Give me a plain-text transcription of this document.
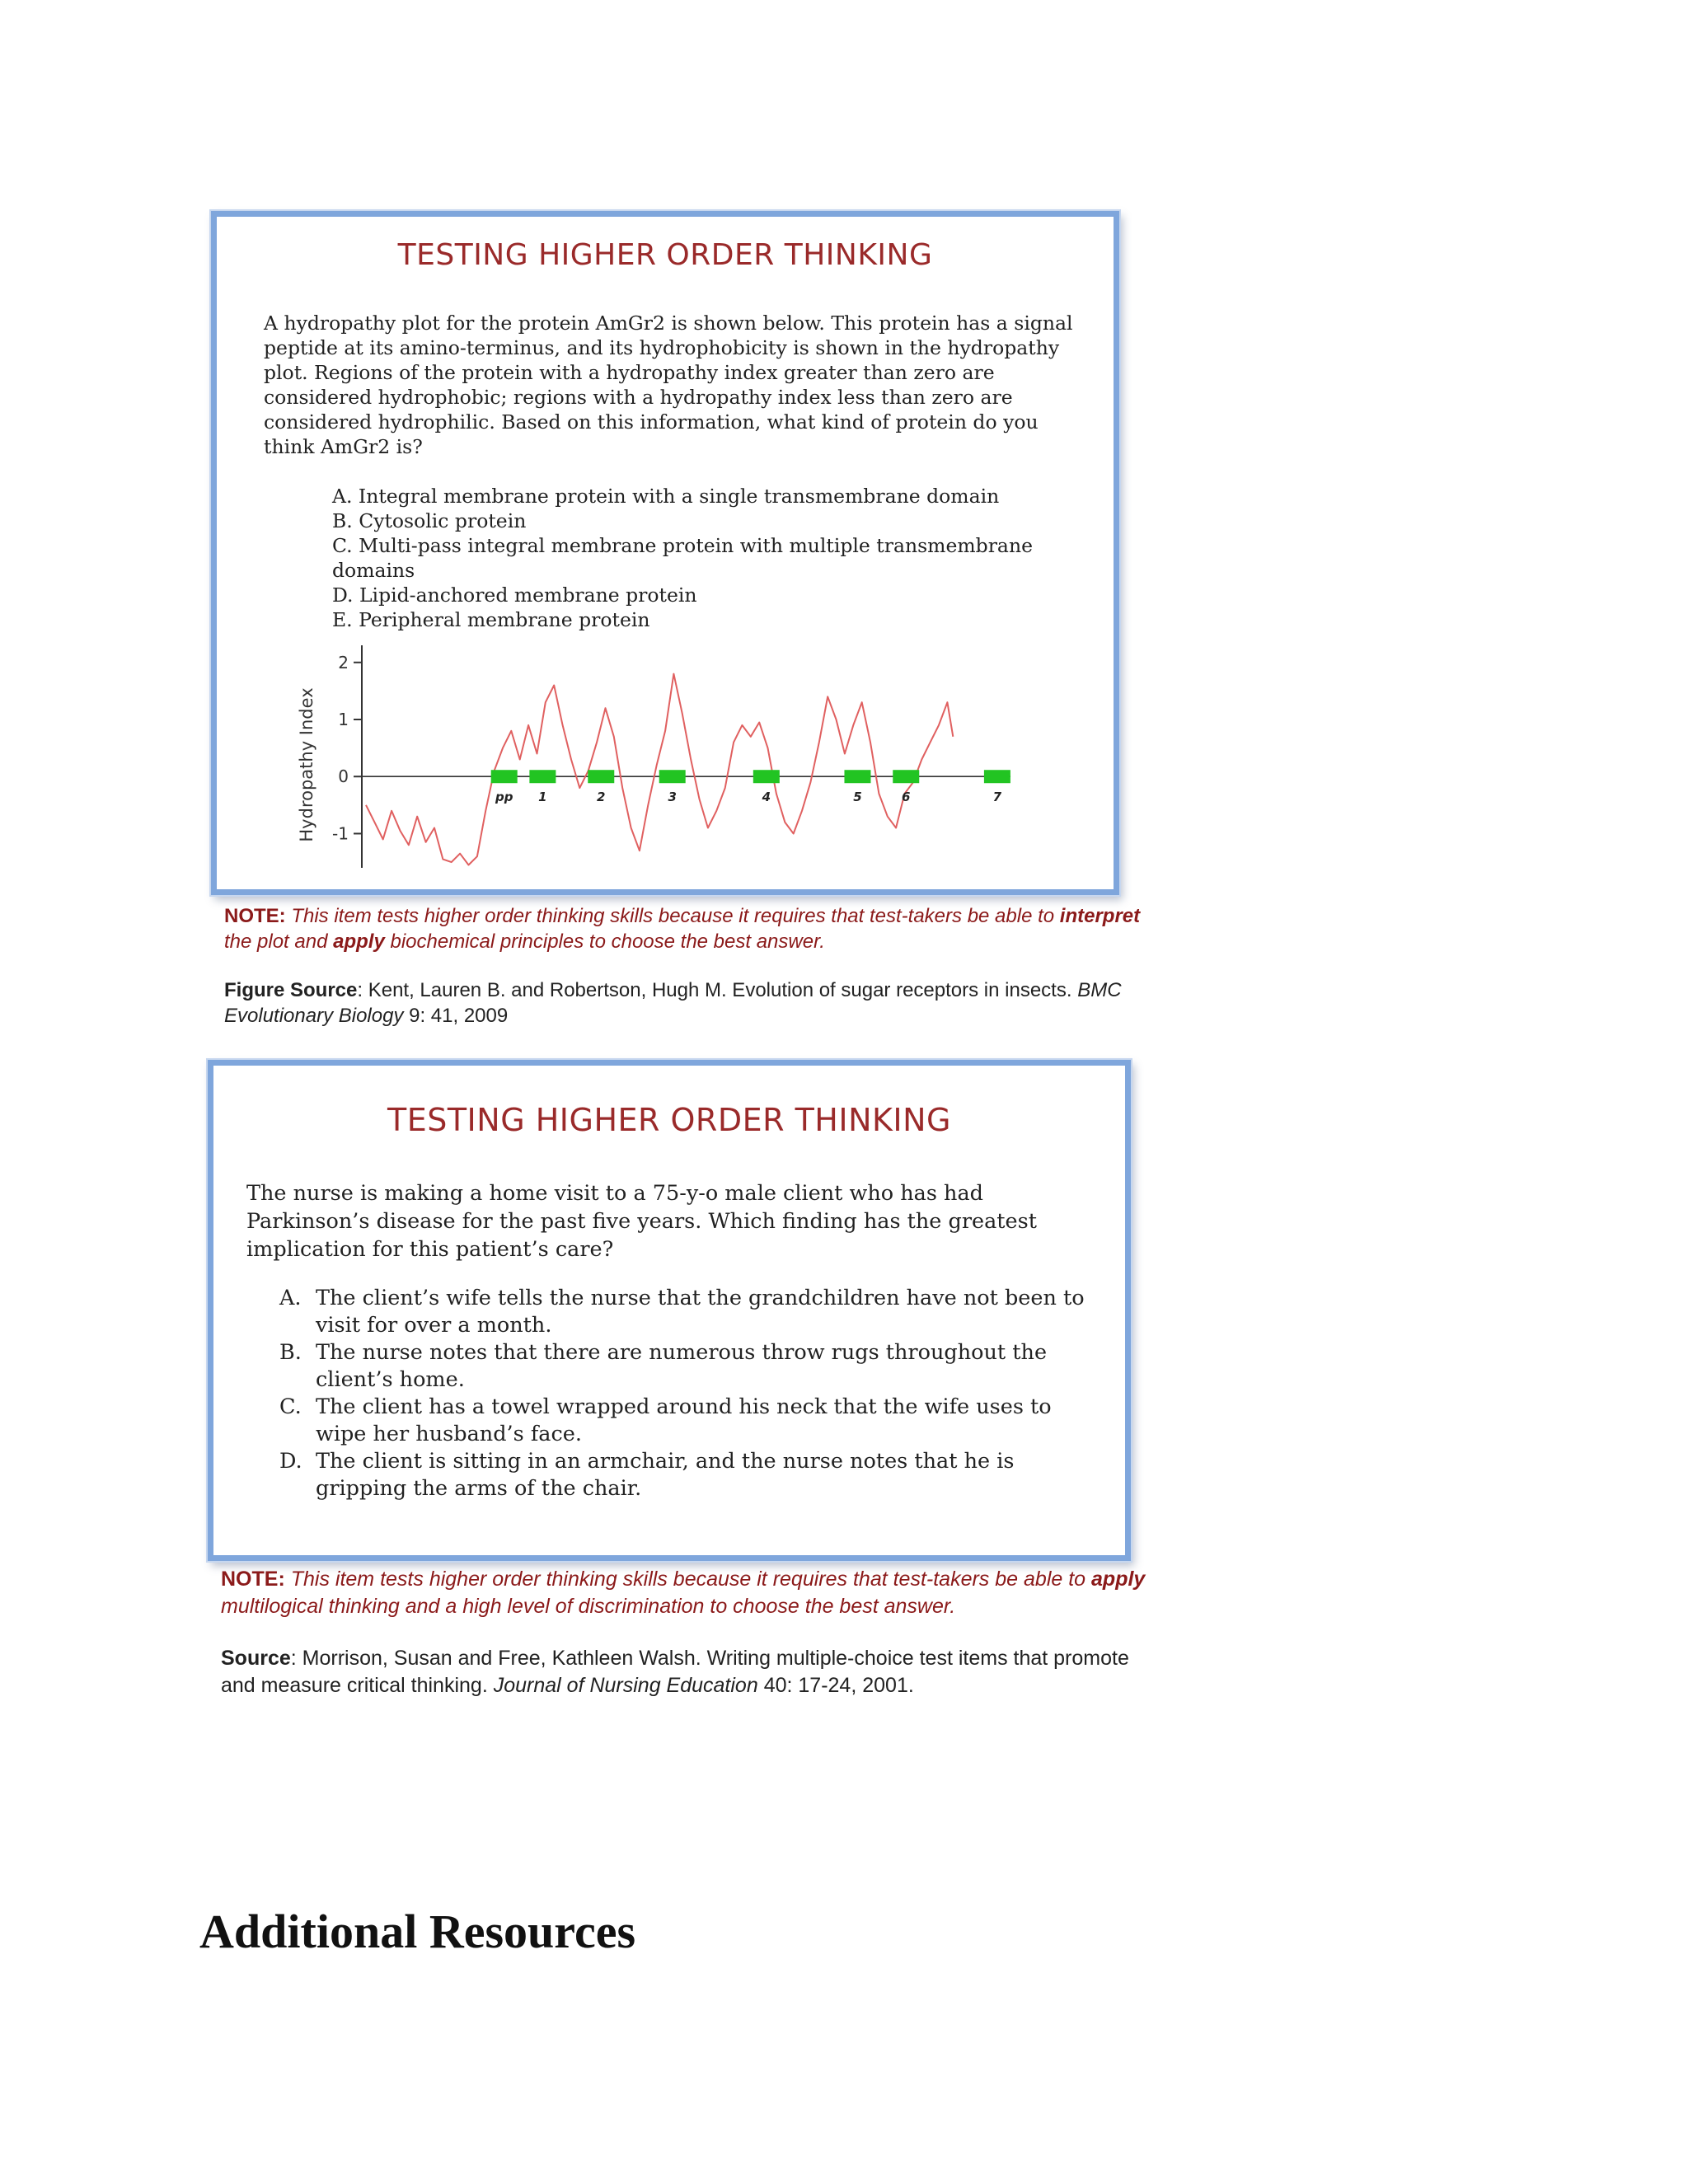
TESTING HIGHER ORDER THINKING
A hydropathy plot for the protein AmGr2 is shown below. This protein has a signal peptide at its amino-terminus, and its hydrophobicity is shown in the hydropathy plot. Regions of the protein with a hydropathy index greater than zero are considered hydrophobic; regions with a hydropathy index less than zero are considered hydrophilic. Based on this information, what kind of protein do you think AmGr2 is?
A. Integral membrane protein with a single transmembrane domain
B. Cytosolic protein
C. Multi-pass integral membrane protein with multiple transmembrane domains
D. Lipid-anchored membrane protein
E. Peripheral membrane protein
Hydropathy Index
2
1
0
-1
pp 1	2	3	4	5	6	7
NOTE: This item tests higher order thinking skills because it requires that test-takers be able to interpret the plot and apply biochemical principles to choose the best answer.
Figure Source: Kent, Lauren B. and Robertson, Hugh M. Evolution of sugar receptors in insects. BMC Evolutionary Biology 9: 41, 2009
TESTING HIGHER ORDER THINKING
The nurse is making a home visit to a 75-y-o male client who has had Parkinson’s disease for the past five years. Which finding has the greatest implication for this patient’s care?
A. The client’s wife tells the nurse that the grandchildren have not been to visit for over a month.
B. The nurse notes that there are numerous throw rugs throughout the client’s home.
C. The client has a towel wrapped around his neck that the wife uses to wipe her husband’s face.
D. The client is sitting in an armchair, and the nurse notes that he is gripping the arms of the chair.
NOTE: This item tests higher order thinking skills because it requires that test-takers be able to apply multilogical thinking and a high level of discrimination to choose the best answer.
Source: Morrison, Susan and Free, Kathleen Walsh. Writing multiple-choice test items that promote and measure critical thinking. Journal of Nursing Education 40: 17-24, 2001.
Additional Resources
